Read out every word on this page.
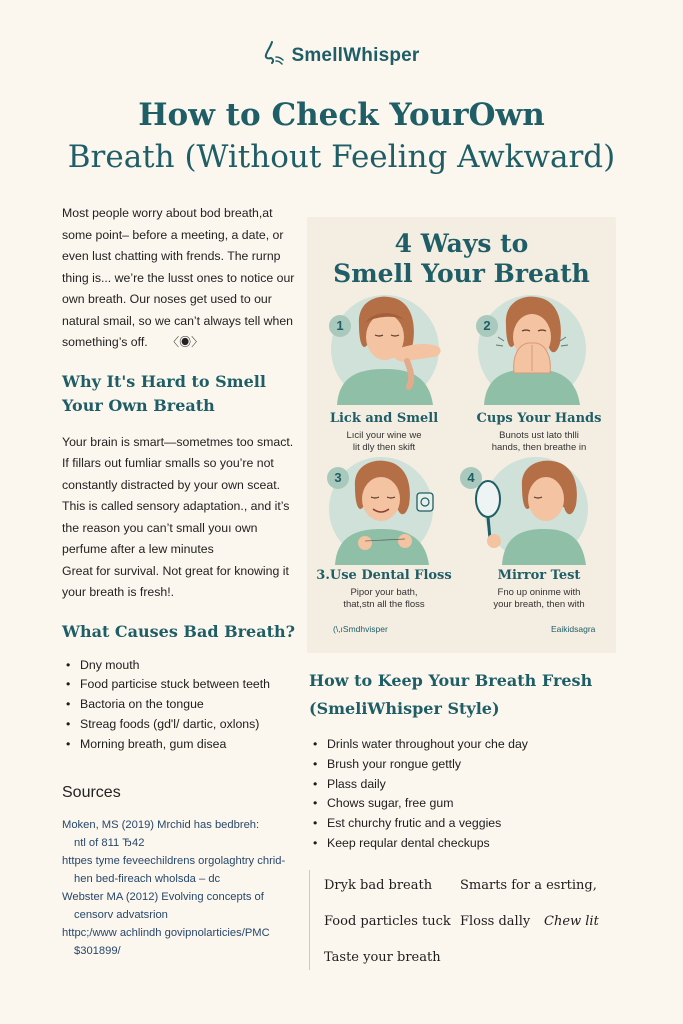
SmellWhisper
How to Check YourOwn
Breath (Without Feeling Awkward)

Most people worry about bod breath,at some point– before a meeting, a date, or even lust chatting with frends. The rurnp thing is... we’re the lusst ones to notice our own breath. Our noses get used to our natural smail, so we can’t always tell when something’s off. 〈◉〉

Why It's Hard to Smell
Your Own Breath

Your brain is smart—sometmes too smact. If fillars out fumliar smalls so you’re not constantly distracted by your own sceat. This is called sensory adaptation., and it’s the reason you can’t small youı own perfume after a lew minutes

Great for survival. Not great for knowing it your breath is fresh!.

What Causes Bad Breath?
• Dny mouth
• Food particise stuck between teeth
• Bactoria on the tongue
• Streag foods (gd'l/ dartic, oxlons)
• Morning breath, gum disea
Sources
Moken, MS (2019) Mrchid has bedbreh:
ntl of 811 Ђ42
httpes tyme feveechildrens orgolaghtry chrid-
hen bed-fireach wholsda – dc
Webster MA (2012) Evolving concepts of
censorv advatsrion
httpc;/www achlindh govipnolarticies/PMC
$301899/
4 Ways to
Smell Your Breath
1
Lick and Smell
Lıcil your wine we
lit dly then skift
2
Cups Your Hands
Bunots ust lato thlli
hands, then breathe in
3
3.Use Dental Floss
Pipor your bath,
that,stn all the floss
4
Mirror Test
Fno up oninme with
your breath, then with
(\,ıSmdhvisper	Eaikidsagra
How to Keep Your Breath Fresh
(SmeliWhisper Style)
• Drinls water throughout your che day
• Brush your rongue gettly
• Plass daily
• Chows sugar, free gum
• Est churchy frutic and a veggies
• Keep reqular dental checkups
Dryk bad breath Smarts for a esrting,
Food particles tuck Floss dally Chew lit
Taste your breath
